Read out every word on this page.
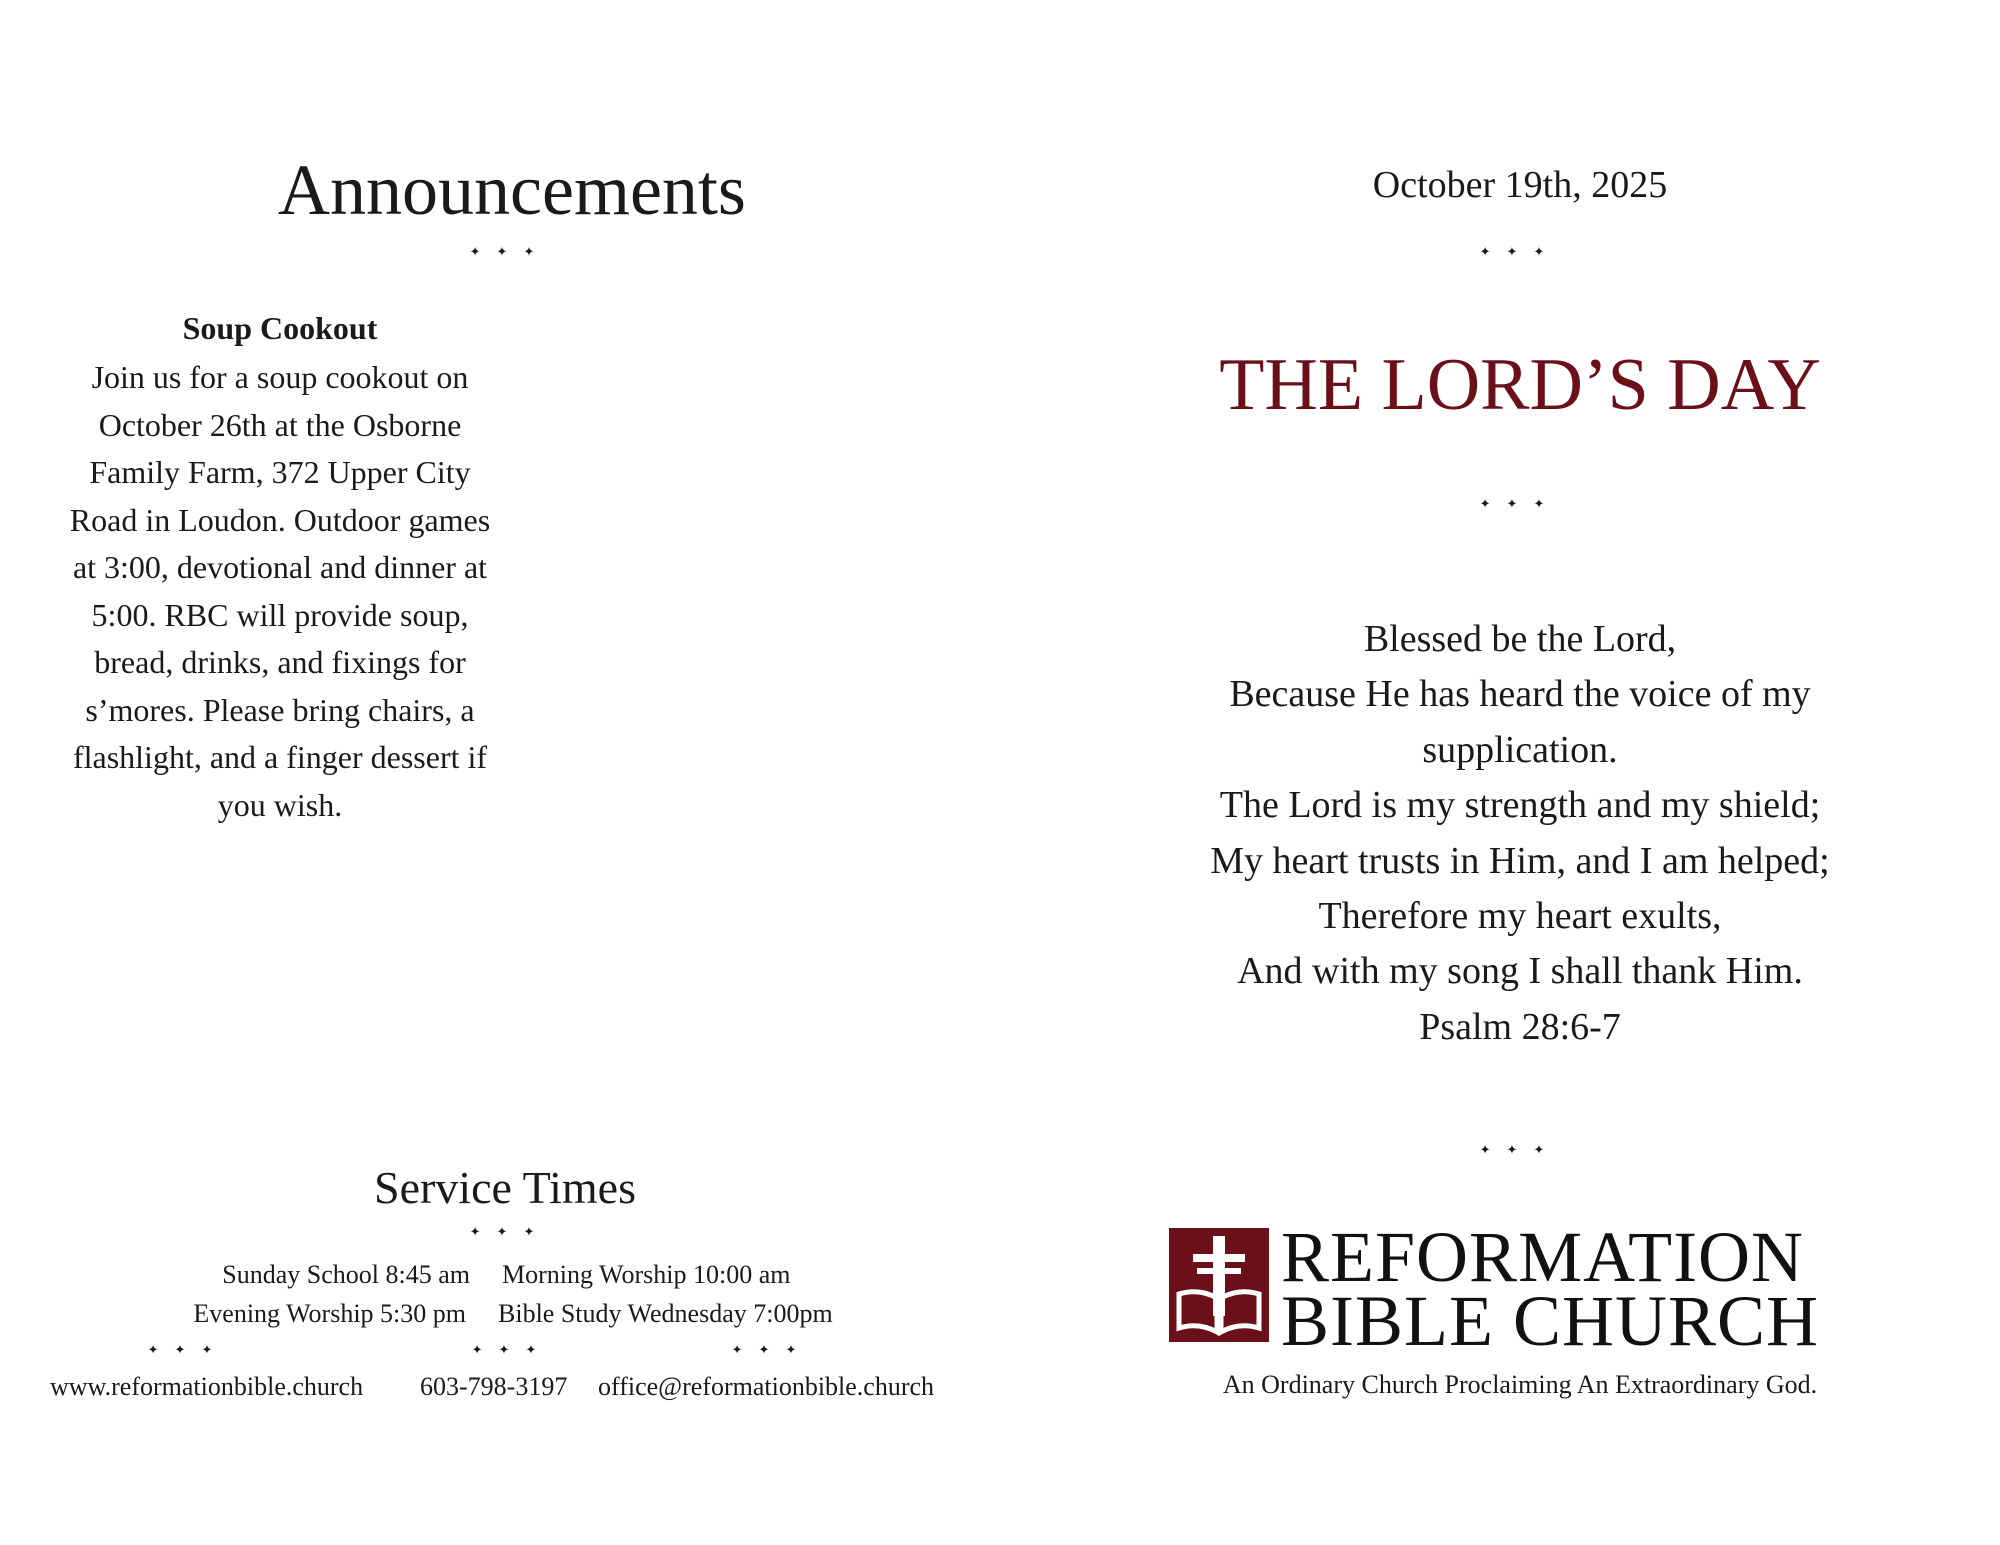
Announcements
✦✦✦
Soup Cookout
Join us for a soup cookout on
October 26th at the Osborne
Family Farm, 372 Upper City
Road in Loudon. Outdoor games
at 3:00, devotional and dinner at
5:00. RBC will provide soup,
bread, drinks, and fixings for
s’mores. Please bring chairs, a
flashlight, and a finger dessert if
you wish.
Service Times
✦✦✦
Sunday School 8:45 am Morning Worship 10:00 am
Evening Worship 5:30 pm Bible Study Wednesday 7:00pm
✦✦✦	✦✦✦	✦✦✦
www.reformationbible.church 603-798-3197 office@reformationbible.church
October 19th, 2025
✦✦✦
THE LORD’S DAY
✦✦✦
Blessed be the Lord,
Because He has heard the voice of my
supplication.
The Lord is my strength and my shield;
My heart trusts in Him, and I am helped;
Therefore my heart exults,
And with my song I shall thank Him.
Psalm 28:6-7
✦✦✦
REFORMATION
BIBLE CHURCH
An Ordinary Church Proclaiming An Extraordinary God.
